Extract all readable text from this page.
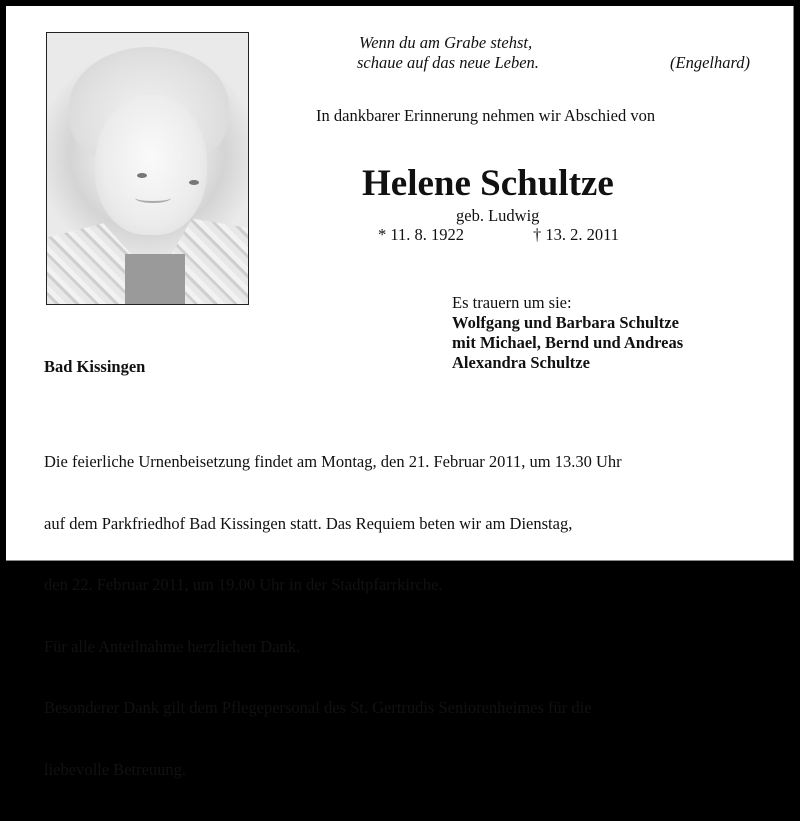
Wenn du am Grabe stehst,
schaue auf das neue Leben.	(Engelhard)
In dankbarer Erinnerung nehmen wir Abschied von
Helene Schultze
geb. Ludwig
* 11. 8. 1922	† 13. 2. 2011
Bad Kissingen
Es trauern um sie:
Wolfgang und Barbara Schultze
mit Michael, Bernd und Andreas
Alexandra Schultze

Die feierliche Urnenbeisetzung findet am Montag, den 21. Februar 2011, um 13.30 Uhr

auf dem Parkfriedhof Bad Kissingen statt. Das Requiem beten wir am Dienstag,

den 22. Februar 2011, um 19.00 Uhr in der Stadtpfarrkirche.

Für alle Anteilnahme herzlichen Dank.

Besonderer Dank gilt dem Pflegepersonal des St. Gertrudis Seniorenheimes für die

liebevolle Betreuung.
